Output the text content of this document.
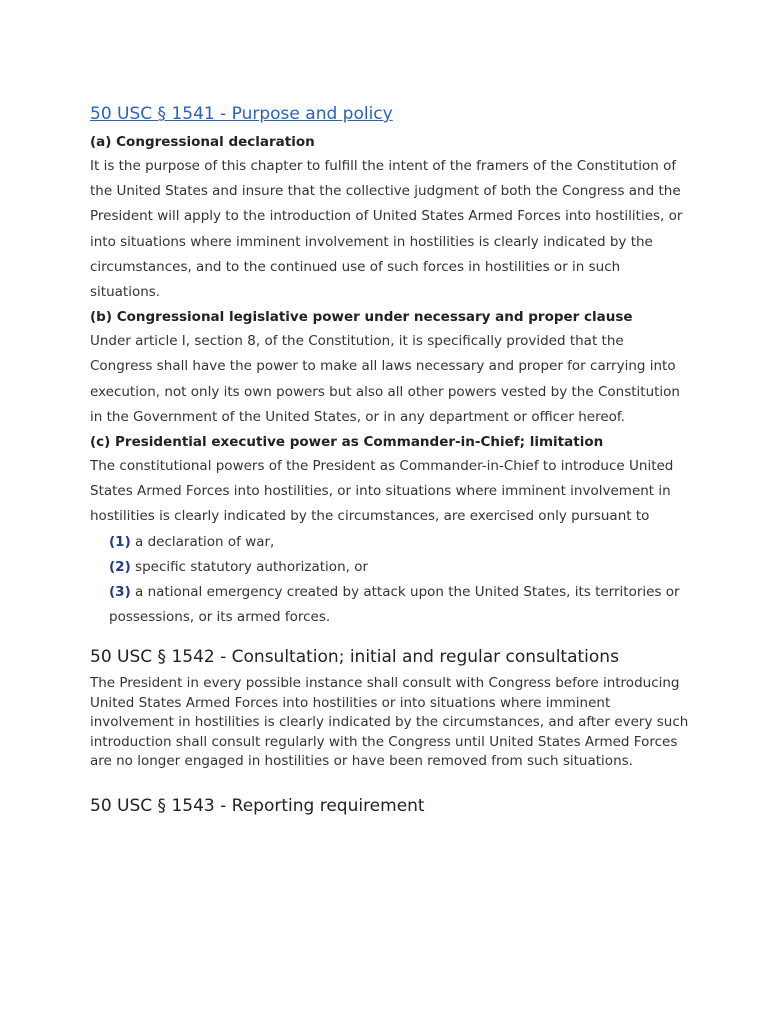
50 USC § 1541 - Purpose and policy

(a) Congressional declaration

It is the purpose of this chapter to fulfill the intent of the framers of the Constitution of the United States and insure that the collective judgment of both the Congress and the President will apply to the introduction of United States Armed Forces into hostilities, or into situations where imminent involvement in hostilities is clearly indicated by the circumstances, and to the continued use of such forces in hostilities or in such situations.

(b) Congressional legislative power under necessary and proper clause

Under article I, section 8, of the Constitution, it is specifically provided that the Congress shall have the power to make all laws necessary and proper for carrying into execution, not only its own powers but also all other powers vested by the Constitution in the Government of the United States, or in any department or officer hereof.

(c) Presidential executive power as Commander-in-Chief; limitation

The constitutional powers of the President as Commander-in-Chief to introduce United States Armed Forces into hostilities, or into situations where imminent involvement in hostilities is clearly indicated by the circumstances, are exercised only pursuant to

(1) a declaration of war,
(2) specific statutory authorization, or
(3) a national emergency created by attack upon the United States, its territories or possessions, or its armed forces.
50 USC § 1542 - Consultation; initial and regular consultations

The President in every possible instance shall consult with Congress before introducing United States Armed Forces into hostilities or into situations where imminent involvement in hostilities is clearly indicated by the circumstances, and after every such introduction shall consult regularly with the Congress until United States Armed Forces are no longer engaged in hostilities or have been removed from such situations.

50 USC § 1543 - Reporting requirement
